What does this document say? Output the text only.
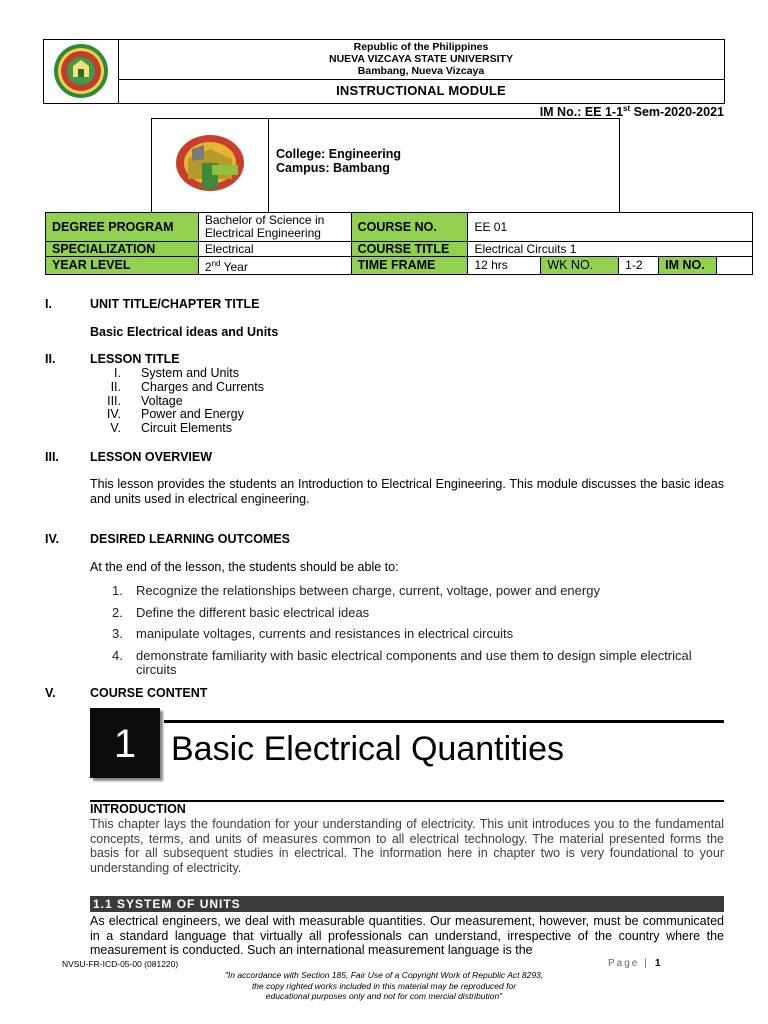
Republic of the Philippines
NUEVA VIZCAYA STATE UNIVERSITY
Bambang, Nueva Vizcaya
INSTRUCTIONAL MODULE
IM No.: EE 1-1st Sem-2020-2021
College: Engineering
Campus: Bambang
DEGREE PROGRAM	Bachelor of Science in Electrical Engineering	COURSE NO.	EE 01				
SPECIALIZATION	Electrical	COURSE TITLE	Electrical Circuits 1				
YEAR LEVEL	2nd Year	TIME FRAME	12 hrs	WK NO.	1-2	IM NO.	
I.	UNIT TITLE/CHAPTER TITLE
Basic Electrical ideas and Units
II.	LESSON TITLE
I. System and Units
II. Charges and Currents
III. Voltage
IV. Power and Energy
V. Circuit Elements
III. LESSON OVERVIEW
This lesson provides the students an Introduction to Electrical Engineering. This module discusses the basic ideas and units used in electrical engineering.
IV. DESIRED LEARNING OUTCOMES
At the end of the lesson, the students should be able to:
1.	Recognize the relationships between charge, current, voltage, power and energy
2.	Define the different basic electrical ideas
3.	manipulate voltages, currents and resistances in electrical circuits
4.	demonstrate familiarity with basic electrical components and use them to design simple electrical circuits
V.	COURSE CONTENT
1	Basic Electrical Quantities
INTRODUCTION
This chapter lays the foundation for your understanding of electricity. This unit introduces you to the fundamental concepts, terms, and units of measures common to all electrical technology. The material presented forms the basis for all subsequent studies in electrical. The information here in chapter two is very foundational to your understanding of electricity.
1.1 SYSTEM OF UNITS
As electrical engineers, we deal with measurable quantities. Our measurement, however, must be communicated in a standard language that virtually all professionals can understand, irrespective of the country where the measurement is conducted. Such an international measurement language is the
NVSU-FR-ICD-05-00 (081220)
"In accordance with Section 185, Fair Use of a Copyright Work of Republic Act 8293,
the copy righted works included in this material may be reproduced for
educational purposes only and not for com mercial distribution"
Page | 1
